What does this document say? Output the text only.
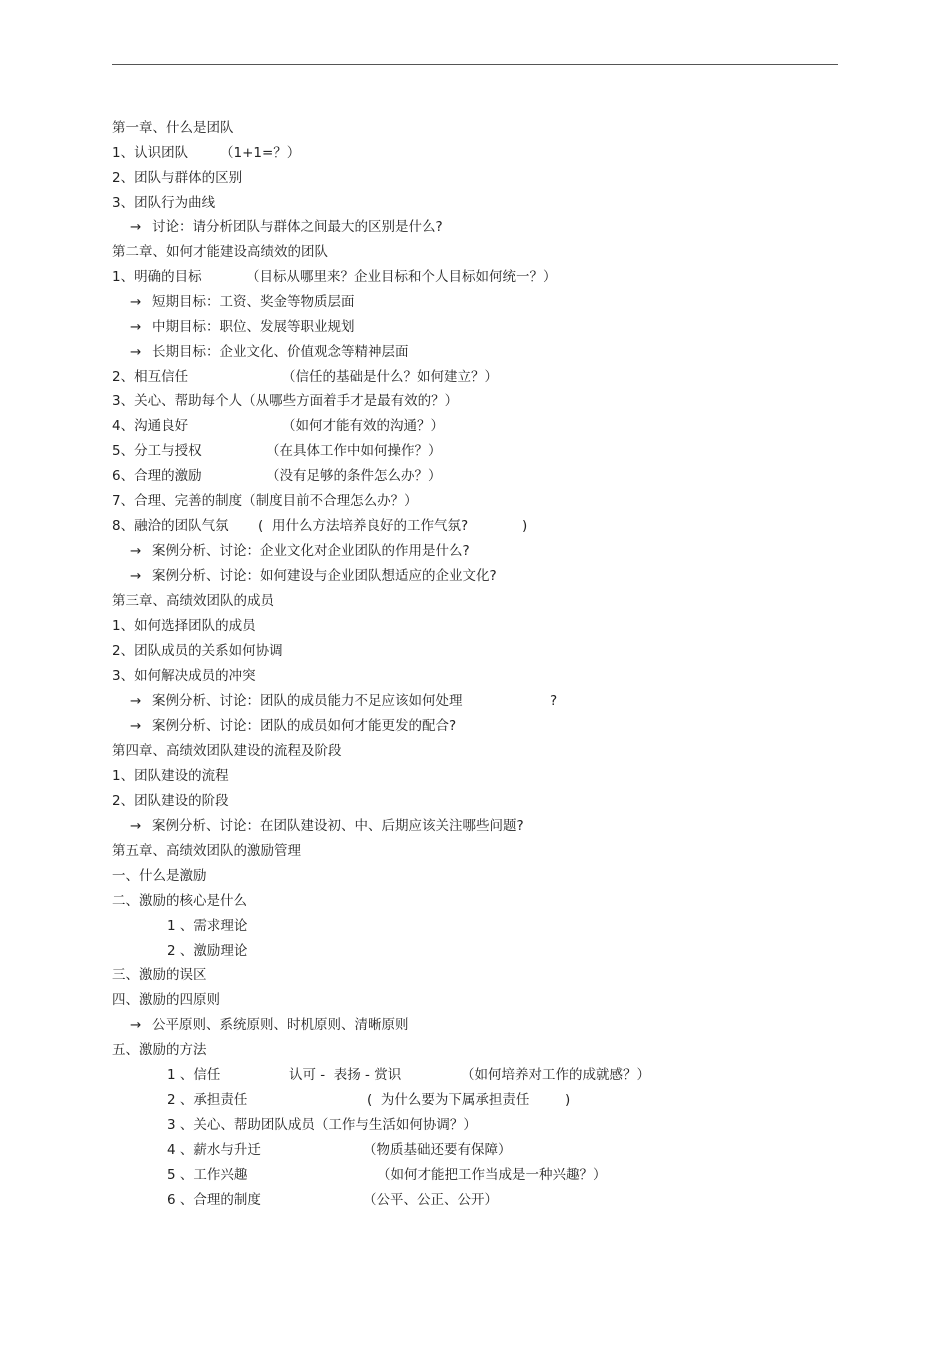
第一章、什么是团队

1、认识团队

（1+1=？）

2、团队与群体的区别
3、团队行为曲线
→ 讨论：请分析团队与群体之间最大的区别是什么?
第二章、如何才能建设高绩效的团队

1、明确的目标

	（目标从哪里来？企业目标和个人目标如何统一？）

→ 短期目标：工资、奖金等物质层面
→ 中期目标：职位、发展等职业规划
→ 长期目标：企业文化、价值观念等精神层面

2、相互信任

	（信任的基础是什么？如何建立？）

3、关心、帮助每个人（从哪些方面着手才是最有效的？）

4、沟通良好

	（如何才能有效的沟通？）

5、分工与授权

	（在具体工作中如何操作？）

6、合理的激励

	（没有足够的条件怎么办？）

7、合理、完善的制度（制度目前不合理怎么办？）

8、融洽的团队气氛

(

用什么方法培养良好的工作气氛?

	)

→ 案例分析、讨论：企业文化对企业团队的作用是什么?
→ 案例分析、讨论：如何建设与企业团队想适应的企业文化?
第三章、高绩效团队的成员
1、如何选择团队的成员
2、团队成员的关系如何协调
3、如何解决成员的冲突

→

案例分析、讨论：团队的成员能力不足应该如何处理

	?

→ 案例分析、讨论：团队的成员如何才能更发的配合?
第四章、高绩效团队建设的流程及阶段
1、团队建设的流程
2、团队建设的阶段
→ 案例分析、讨论：在团队建设初、中、后期应该关注哪些问题?
第五章、高绩效团队的激励管理
一、什么是激励
二、激励的核心是什么
1 、需求理论
2 、激励理论
三、激励的误区
四、激励的四原则
→ 公平原则、系统原则、时机原则、清晰原则
五、激励的方法

1 、信任

	认可 -  表扬 - 赏识

	（如何培养对工作的成就感？）

2 、承担责任

	(  为什么要为下属承担责任

	)

3 、关心、帮助团队成员（工作与生活如何协调？）

4 、薪水与升迁

	（物质基础还要有保障）

5 、工作兴趣

	（如何才能把工作当成是一种兴趣？）

6 、合理的制度

	（公平、公正、公开）
